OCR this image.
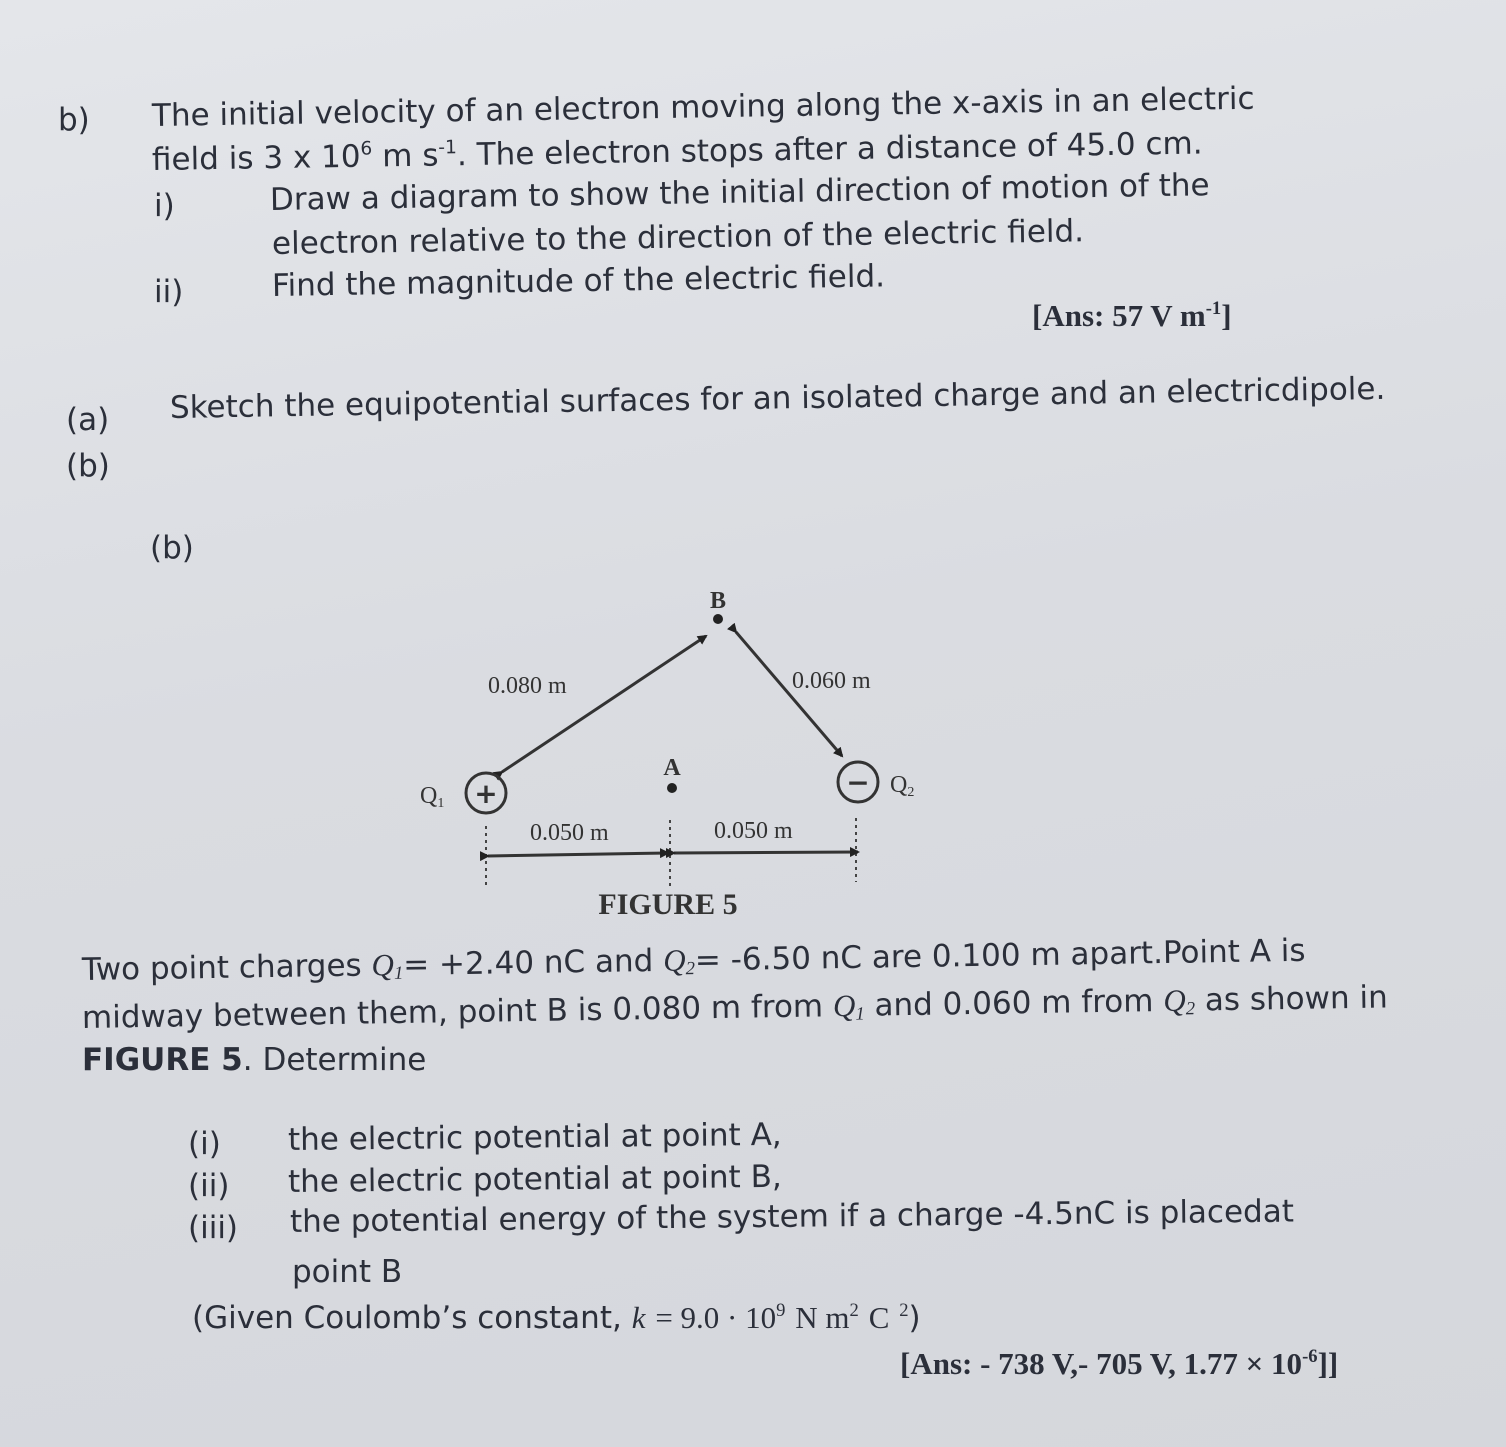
b) The initial velocity of an electron moving along the x-axis in an electric
field is 3 x $10^6$ m $s^{-1}$. The electron stops after a distance of 45.0 cm.
i)	Draw a diagram to show the initial direction of motion of the
electron relative to the direction of the electric field.
ii)	Find the magnitude of the electric field.
[Ans: 57 V $m^{-1}$]
(a) Sketch the equipotential surfaces for an isolated charge and an electricdipole.
(b)
(b)
B
A
+
Q1
− Q2
0.080 m	0.060 m
0.050 m	0.050 m
FIGURE 5
Two point charges $Q_1= +2.40$ nC and $Q_2= -6.50$ nC are 0.100 m apart.Point A is
midway between them, point B is 0.080 m from $Q_1$ and 0.060 m from $Q_2$ as shown in
FIGURE 5. Determine
(i) the electric potential at point A,
(ii) the electric potential at point B,
(iii) the potential energy of the system if a charge -4.5nC is placedat
point B
(Given Coulomb’s constant, $k = 9.0 \cdot 10^9$ N $m^2$ C $^2$)
[Ans: - 738 V,- 705 V, $1.77 \times 10^{-6}$]]
